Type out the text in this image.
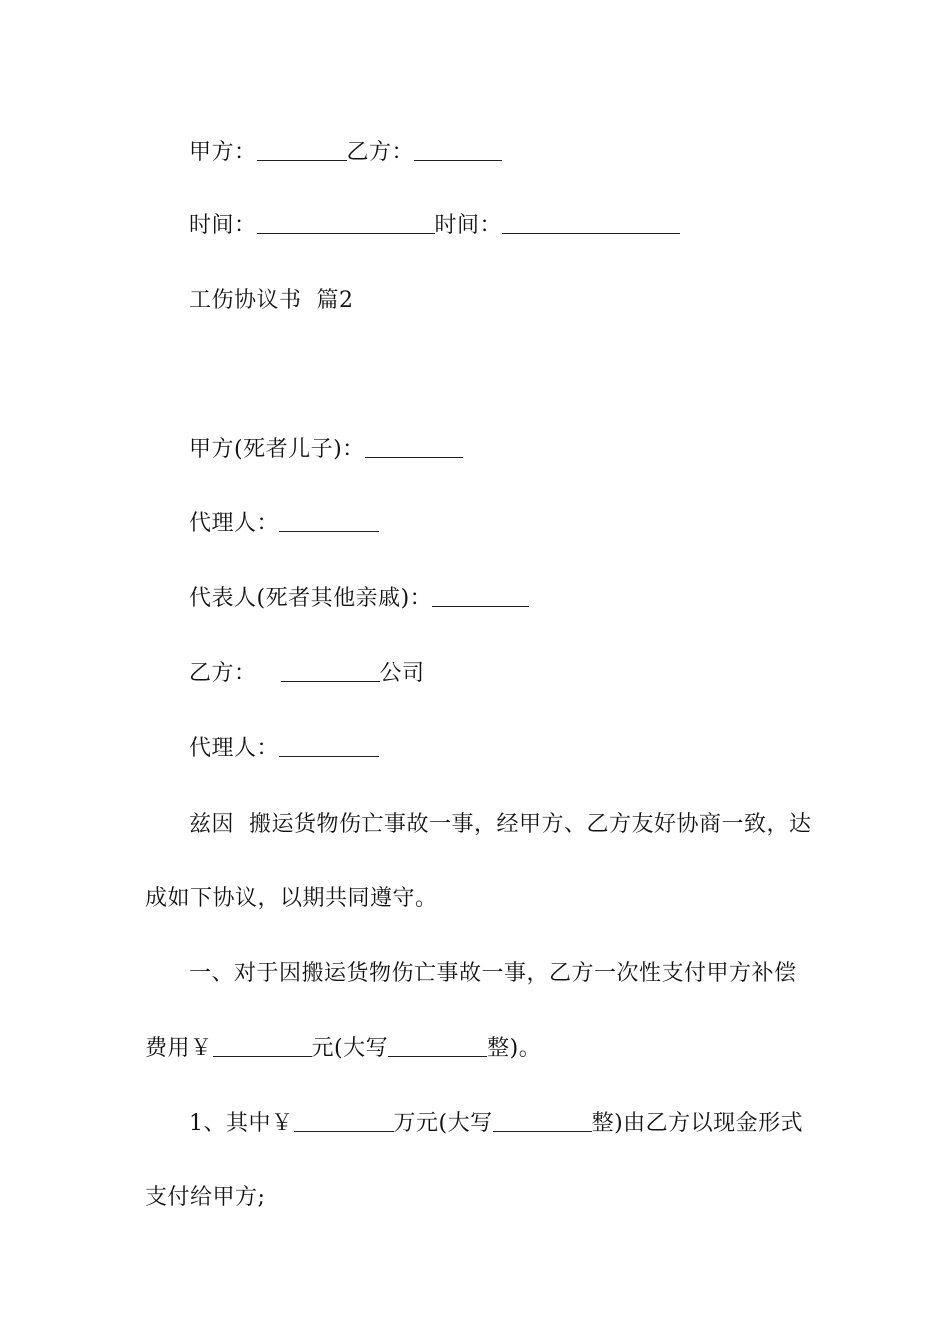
甲方：	乙方：
时间：	时间：
工伤协议书  篇2
甲方(死者儿子)：
代理人：
代表人(死者其他亲戚)：
乙方：	公司
代理人：
兹因  搬运货物伤亡事故一事，经甲方、乙方友好协商一致，达
成如下协议，以期共同遵守。
一、对于因搬运货物伤亡事故一事，乙方一次性支付甲方补偿
费用￥	元(大写	整)。
1、其中￥	万元(大写	整)由乙方以现金形式
支付给甲方;
